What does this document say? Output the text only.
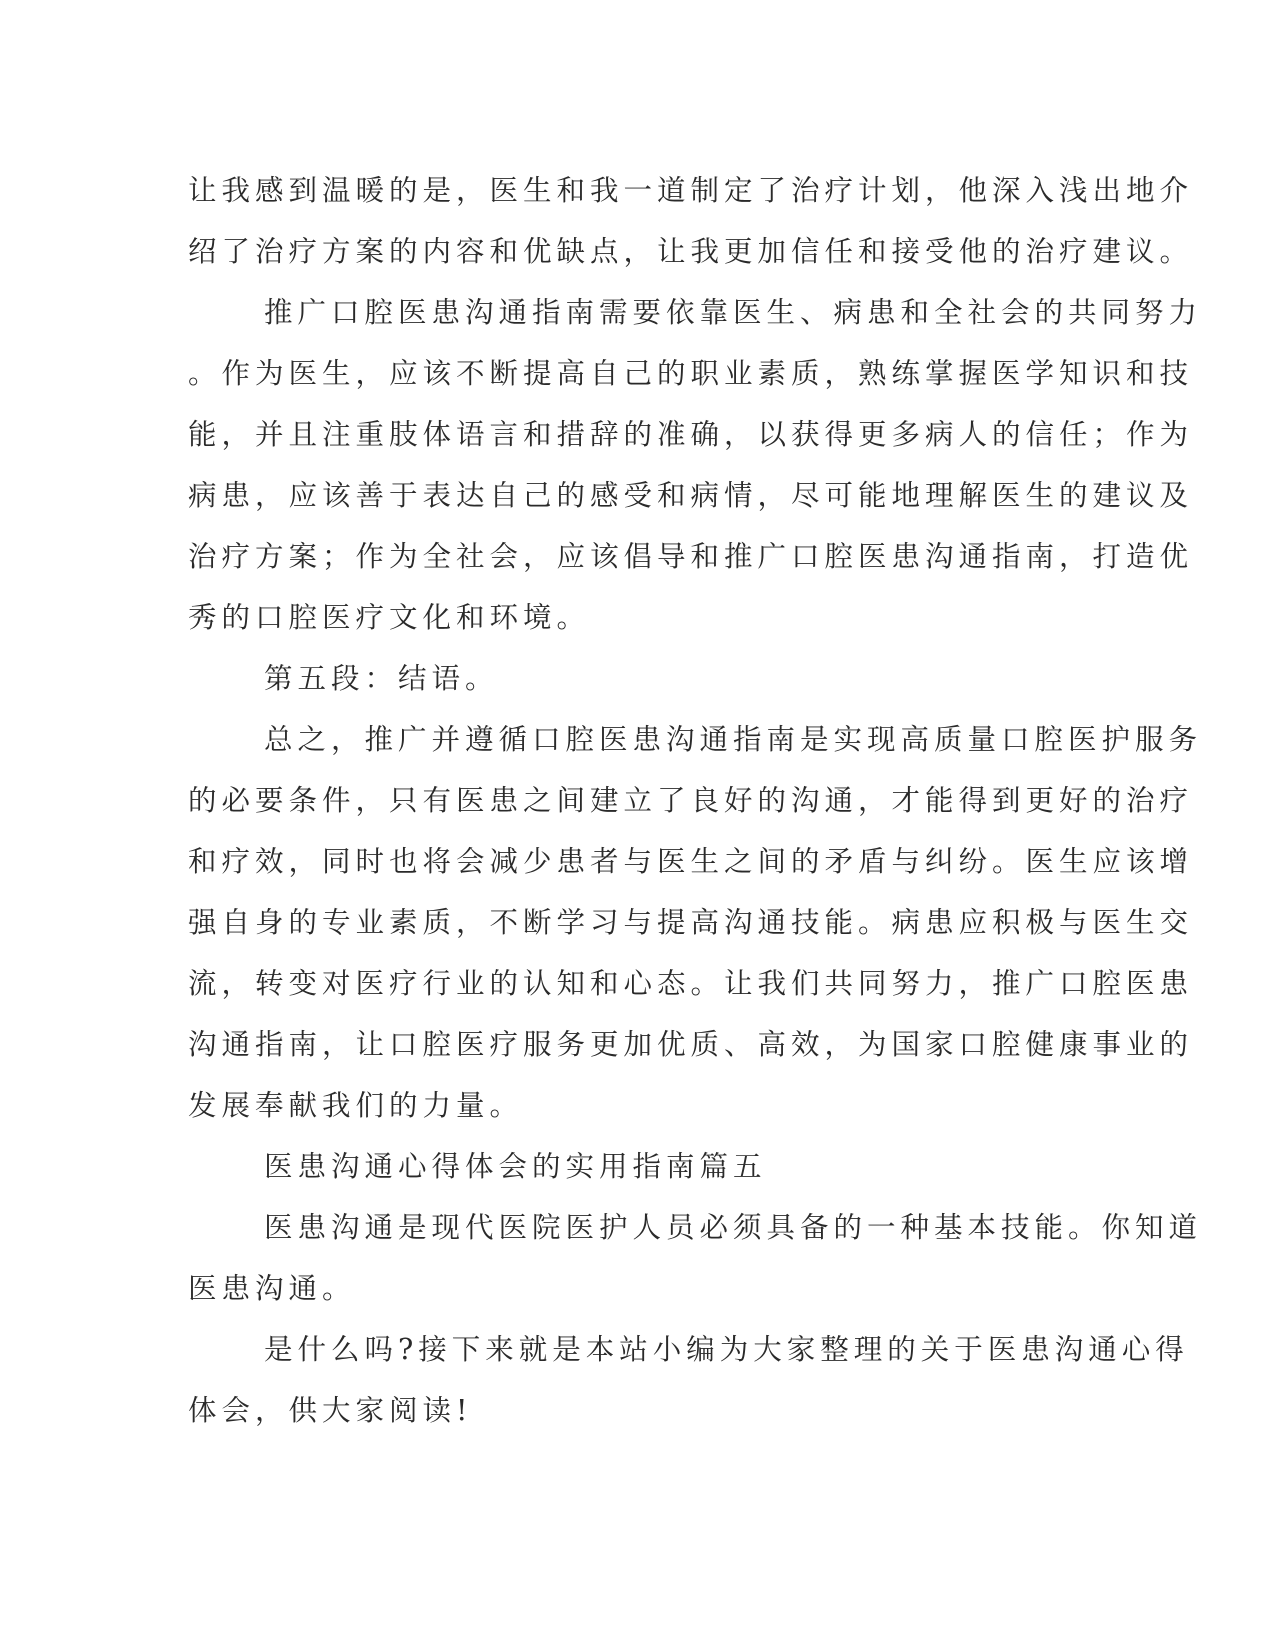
让我感到温暖的是，医生和我一道制定了治疗计划，他深入浅出地介
绍了治疗方案的内容和优缺点，让我更加信任和接受他的治疗建议。
推广口腔医患沟通指南需要依靠医生、病患和全社会的共同努力
。作为医生，应该不断提高自己的职业素质，熟练掌握医学知识和技
能，并且注重肢体语言和措辞的准确，以获得更多病人的信任；作为
病患，应该善于表达自己的感受和病情，尽可能地理解医生的建议及
治疗方案；作为全社会，应该倡导和推广口腔医患沟通指南，打造优
秀的口腔医疗文化和环境。
第五段：结语。
总之，推广并遵循口腔医患沟通指南是实现高质量口腔医护服务
的必要条件，只有医患之间建立了良好的沟通，才能得到更好的治疗
和疗效，同时也将会减少患者与医生之间的矛盾与纠纷。医生应该增
强自身的专业素质，不断学习与提高沟通技能。病患应积极与医生交
流，转变对医疗行业的认知和心态。让我们共同努力，推广口腔医患
沟通指南，让口腔医疗服务更加优质、高效，为国家口腔健康事业的
发展奉献我们的力量。
医患沟通心得体会的实用指南篇五
医患沟通是现代医院医护人员必须具备的一种基本技能。你知道
医患沟通。
是什么吗?接下来就是本站小编为大家整理的关于医患沟通心得
体会，供大家阅读!
